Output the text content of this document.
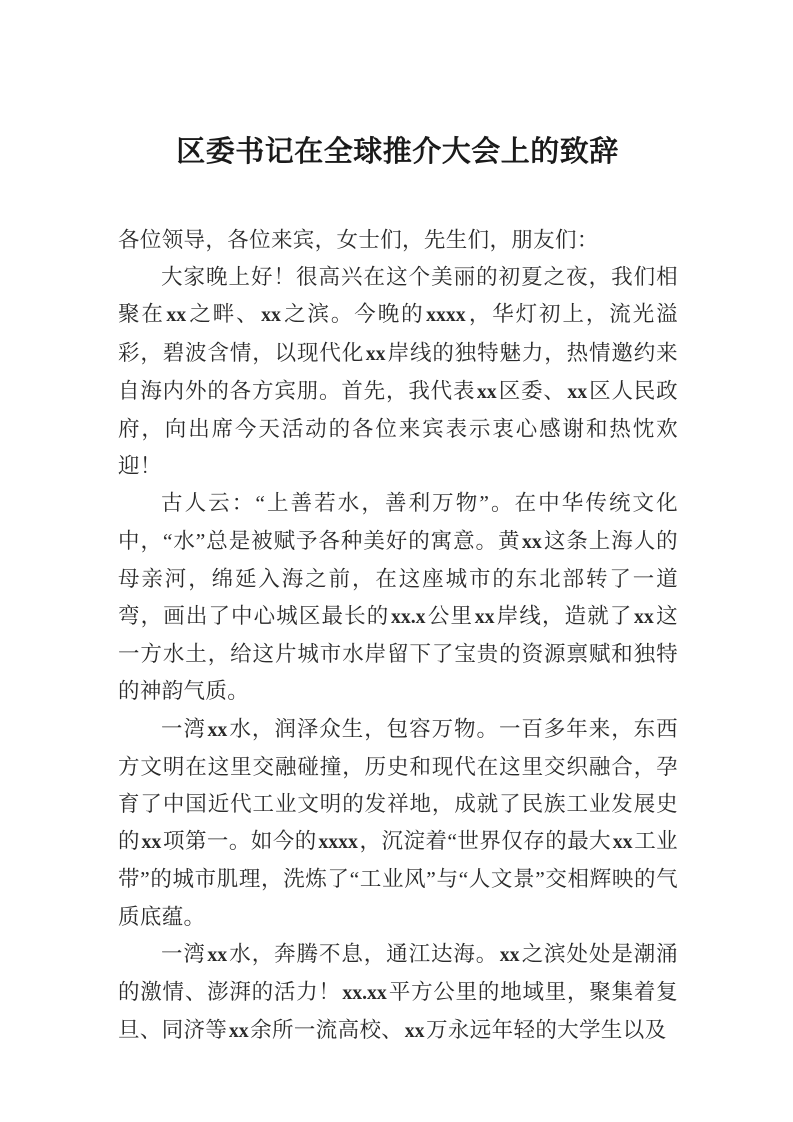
区委书记在全球推介大会上的致辞

各位领导，各位来宾，女士们，先生们，朋友们：

大家晚上好！很高兴在这个美丽的初夏之夜，我们相聚在xx之畔、xx之滨。今晚的xxxx，华灯初上，流光溢彩，碧波含情，以现代化xx岸线的独特魅力，热情邀约来自海内外的各方宾朋。首先，我代表xx区委、xx区人民政府，向出席今天活动的各位来宾表示衷心感谢和热忱欢迎！

古人云：“上善若水，善利万物”。在中华传统文化中，“水”总是被赋予各种美好的寓意。黄xx这条上海人的母亲河，绵延入海之前，在这座城市的东北部转了一道弯，画出了中心城区最长的xx.x公里xx岸线，造就了xx这一方水土，给这片城市水岸留下了宝贵的资源禀赋和独特的神韵气质。

一湾xx水，润泽众生，包容万物。一百多年来，东西方文明在这里交融碰撞，历史和现代在这里交织融合，孕育了中国近代工业文明的发祥地，成就了民族工业发展史的xx项第一。如今的xxxx，沉淀着“世界仅存的最大xx工业带”的城市肌理，洗炼了“工业风”与“人文景”交相辉映的气质底蕴。

一湾xx水，奔腾不息，通江达海。xx之滨处处是潮涌的激情、澎湃的活力！xx.xx平方公里的地域里，聚集着复旦、同济等xx余所一流高校、xx万永远年轻的大学生以及
